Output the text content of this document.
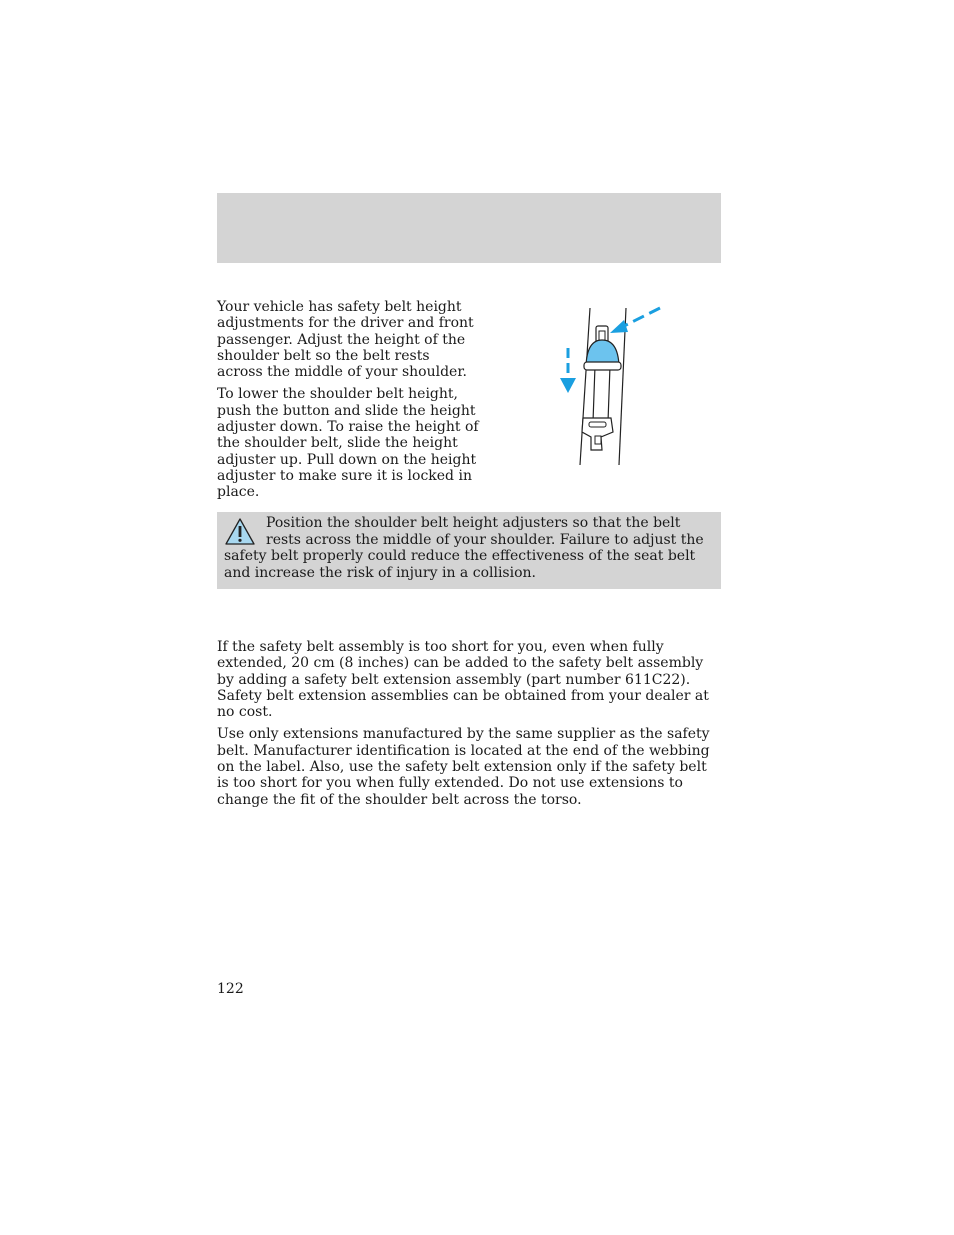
Your vehicle has safety belt height adjustments for the driver and front passenger. Adjust the height of the shoulder belt so the belt rests across the middle of your shoulder.

To lower the shoulder belt height, push the button and slide the height adjuster down. To raise the height of the shoulder belt, slide the height adjuster up. Pull down on the height adjuster to make sure it is locked in place.

Position the shoulder belt height adjusters so that the belt rests across the middle of your shoulder. Failure to adjust the safety belt properly could reduce the effectiveness of the seat belt and increase the risk of injury in a collision.

If the safety belt assembly is too short for you, even when fully extended, 20 cm (8 inches) can be added to the safety belt assembly by adding a safety belt extension assembly (part number 611C22). Safety belt extension assemblies can be obtained from your dealer at no cost.

Use only extensions manufactured by the same supplier as the safety belt. Manufacturer identification is located at the end of the webbing on the label. Also, use the safety belt extension only if the safety belt is too short for you when fully extended. Do not use extensions to change the fit of the shoulder belt across the torso.

122
